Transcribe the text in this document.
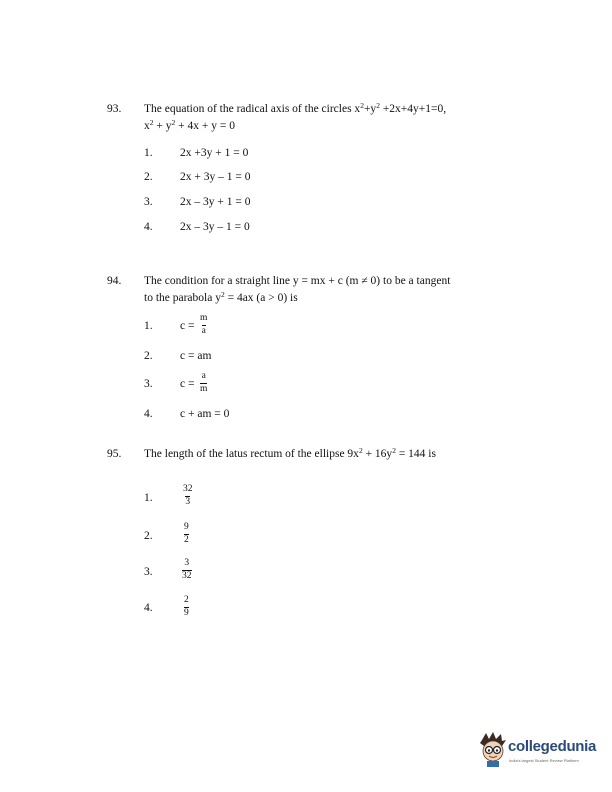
93. The equation of the radical axis of the circles $x^2+y^2 +2x+4y+1=0$,
$x^2 + y^2 + 4x + y = 0$
1. 2x +3y + 1 = 0
2. 2x + 3y – 1 = 0
3. 2x – 3y + 1 = 0
4. 2x – 3y – 1 = 0
94. The condition for a straight line y = mx + c (m ≠ 0) to be a tangent
to the parabola $y^2 = 4ax$ (a > 0) is
1. $c = \frac{m}{a}$
2. c = am
3. $c = \frac{a}{m}$
4. c + am = 0
95. The length of the latus rectum of the ellipse $9x^2 + 16y^2 = 144$ is
1.	$\frac{32}{3}$
2.	$\frac{9}{2}$
3.	$\frac{3}{32}$
4.	$\frac{2}{9}$
collegedunia
India's largest Student Review Platform
